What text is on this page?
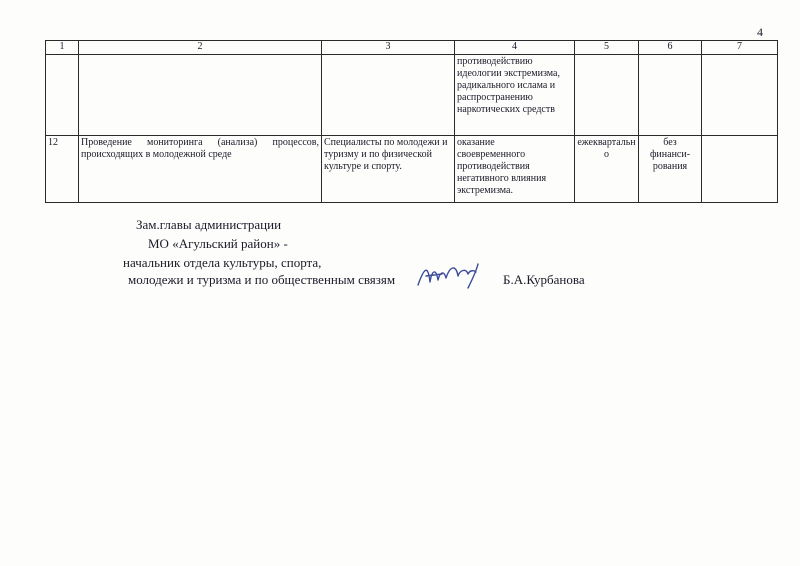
4
1	2	3	4	5	6	7
			противодействию
идеологии экстремизма,
радикального ислама и
распространению
наркотических средств			
12	Проведение мониторинга (анализа) процессов, происходящих в молодежной среде	Специалисты по молодежи и туризму и по физической культуре и спорту.	оказание
своевременного
противодействия
негативного влияния
экстремизма.	ежеквартально	без
финанси-
рования	
Зам.главы администрации
МО «Агульский район» -
начальник отдела культуры, спорта,
молодежи и туризма и по общественным связям	Б.А.Курбанова
